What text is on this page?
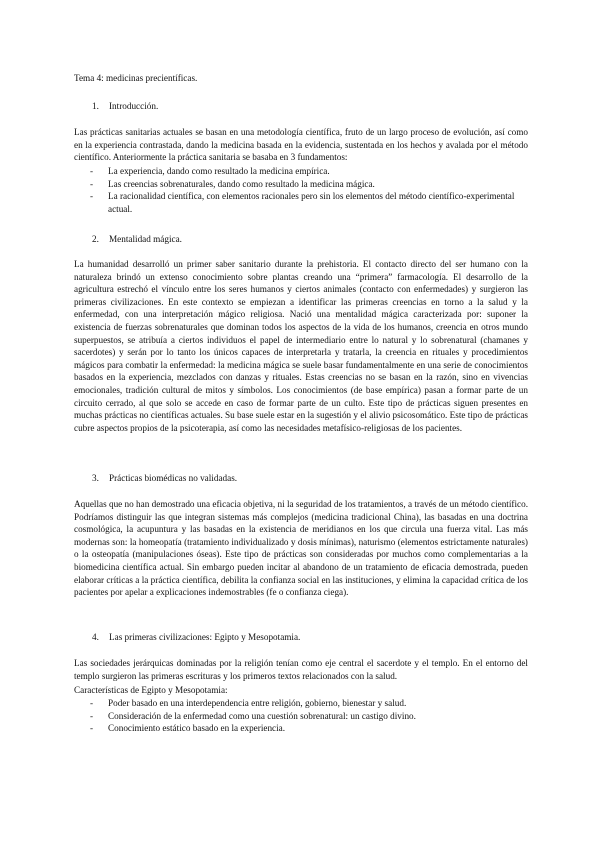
Tema 4: medicinas precientíficas.
1. Introducción.

Las prácticas sanitarias actuales se basan en una metodología científica, fruto de un largo proceso de evolución, así como en la experiencia contrastada, dando la medicina basada en la evidencia, sustentada en los hechos y avalada por el método científico. Anteriormente la práctica sanitaria se basaba en 3 fundamentos:

- La experiencia, dando como resultado la medicina empírica.
- Las creencias sobrenaturales, dando como resultado la medicina mágica.
- La racionalidad científica, con elementos racionales pero sin los elementos del método científico-experimental actual.
2. Mentalidad mágica.

La humanidad desarrolló un primer saber sanitario durante la prehistoria. El contacto directo del ser humano con la naturaleza brindó un extenso conocimiento sobre plantas creando una “primera” farmacología. El desarrollo de la agricultura estrechó el vínculo entre los seres humanos y ciertos animales (contacto con enfermedades) y surgieron las primeras civilizaciones. En este contexto se empiezan a identificar las primeras creencias en torno a la salud y la enfermedad, con una interpretación mágico religiosa. Nació una mentalidad mágica caracterizada por: suponer la existencia de fuerzas sobrenaturales que dominan todos los aspectos de la vida de los humanos, creencia en otros mundo superpuestos, se atribuía a ciertos individuos el papel de intermediario entre lo natural y lo sobrenatural (chamanes y sacerdotes) y serán por lo tanto los únicos capaces de interpretarla y tratarla, la creencia en rituales y procedimientos mágicos para combatir la enfermedad: la medicina mágica se suele basar fundamentalmente en una serie de conocimientos basados en la experiencia, mezclados con danzas y rituales. Estas creencias no se basan en la razón, sino en vivencias emocionales, tradición cultural de mitos y símbolos. Los conocimientos (de base empírica) pasan a formar parte de un circuito cerrado, al que solo se accede en caso de formar parte de un culto. Este tipo de prácticas siguen presentes en muchas prácticas no científicas actuales. Su base suele estar en la sugestión y el alivio psicosomático. Este tipo de prácticas cubre aspectos propios de la psicoterapia, así como las necesidades metafísico-religiosas de los pacientes.

3. Prácticas biomédicas no validadas.

Aquellas que no han demostrado una eficacia objetiva, ni la seguridad de los tratamientos, a través de un método científico. Podríamos distinguir las que integran sistemas más complejos (medicina tradicional China), las basadas en una doctrina cosmológica, la acupuntura y las basadas en la existencia de meridianos en los que circula una fuerza vital. Las más modernas son: la homeopatía (tratamiento individualizado y dosis mínimas), naturismo (elementos estrictamente naturales) o la osteopatía (manipulaciones óseas). Este tipo de prácticas son consideradas por muchos como complementarias a la biomedicina científica actual. Sin embargo pueden incitar al abandono de un tratamiento de eficacia demostrada, pueden elaborar críticas a la práctica científica, debilita la confianza social en las instituciones, y elimina la capacidad crítica de los pacientes por apelar a explicaciones indemostrables (fe o confianza ciega).

4. Las primeras civilizaciones: Egipto y Mesopotamia.

Las sociedades jerárquicas dominadas por la religión tenían como eje central el sacerdote y el templo. En el entorno del templo surgieron las primeras escrituras y los primeros textos relacionados con la salud.

Características de Egipto y Mesopotamia:
- Poder basado en una interdependencia entre religión, gobierno, bienestar y salud.
- Consideración de la enfermedad como una cuestión sobrenatural: un castigo divino.
- Conocimiento estático basado en la experiencia.
